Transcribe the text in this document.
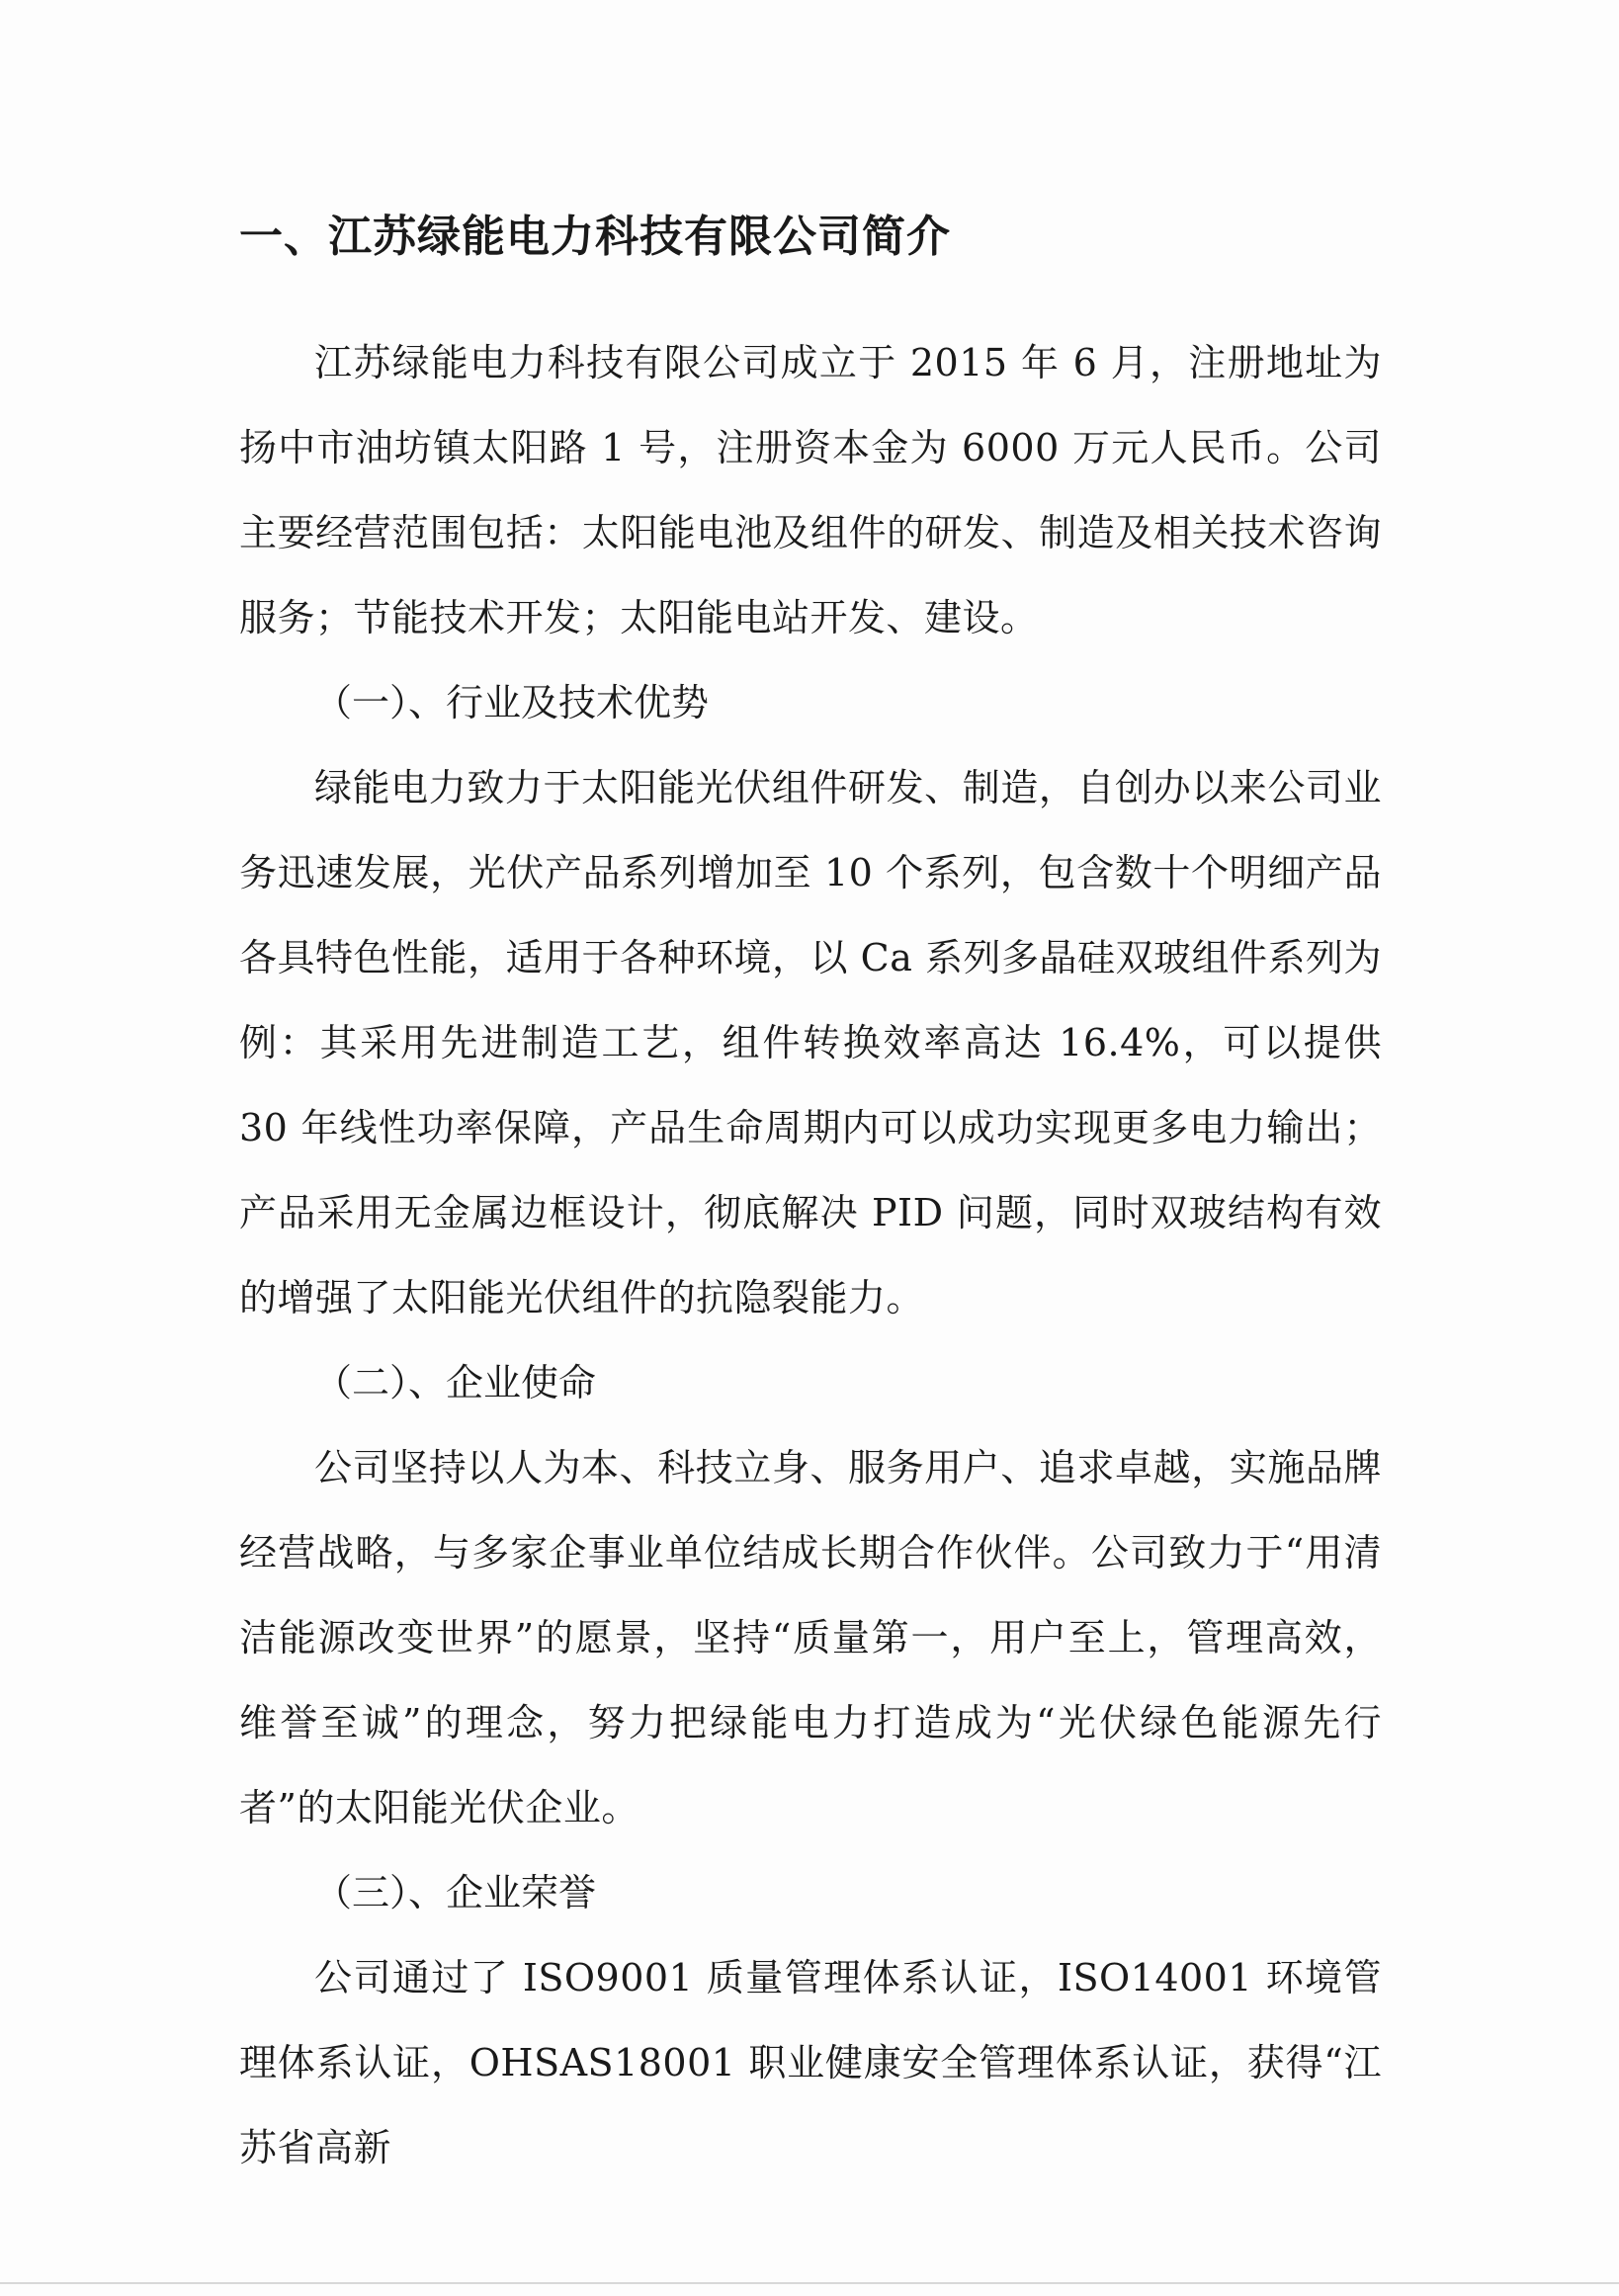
一、江苏绿能电力科技有限公司简介

江苏绿能电力科技有限公司成立于 2015 年 6 月，注册地址为扬中市油坊镇太阳路 1 号，注册资本金为 6000 万元人民币。公司主要经营范围包括：太阳能电池及组件的研发、制造及相关技术咨询服务；节能技术开发；太阳能电站开发、建设。

（一）、行业及技术优势

绿能电力致力于太阳能光伏组件研发、制造，自创办以来公司业务迅速发展，光伏产品系列增加至 10 个系列，包含数十个明细产品各具特色性能，适用于各种环境，以 Ca 系列多晶硅双玻组件系列为例：其采用先进制造工艺，组件转换效率高达 16.4%，可以提供 30 年线性功率保障，产品生命周期内可以成功实现更多电力输出；产品采用无金属边框设计，彻底解决 PID 问题，同时双玻结构有效的增强了太阳能光伏组件的抗隐裂能力。

（二）、企业使命

公司坚持以人为本、科技立身、服务用户、追求卓越，实施品牌经营战略，与多家企事业单位结成长期合作伙伴。公司致力于“用清洁能源改变世界”的愿景，坚持“质量第一，用户至上，管理高效，维誉至诚”的理念，努力把绿能电力打造成为“光伏绿色能源先行者”的太阳能光伏企业。

（三）、企业荣誉

公司通过了 ISO9001 质量管理体系认证，ISO14001 环境管理体系认证，OHSAS18001 职业健康安全管理体系认证，获得“江苏省高新
